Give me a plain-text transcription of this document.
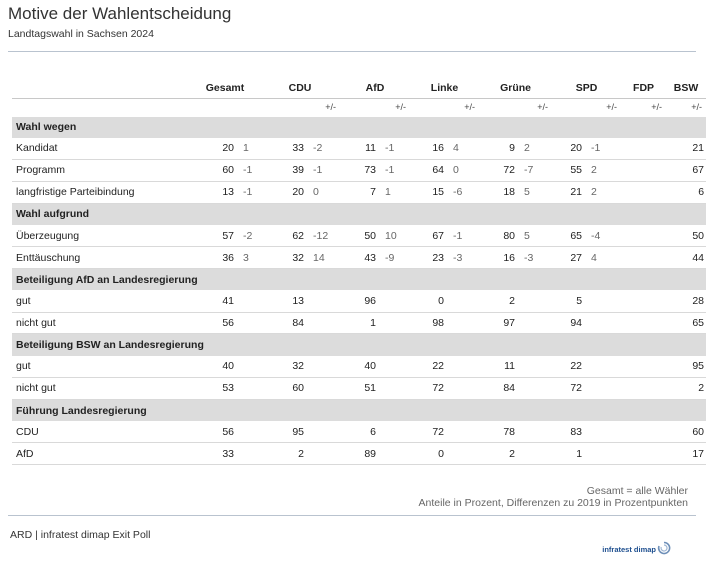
Motive der Wahlentscheidung
Landtagswahl in Sachsen 2024
	Gesamt		CDU		AfD		Linke		Grüne		SPD		FDP		BSW	
			+/-		+/-		+/-		+/-		+/-		+/-		+/-	
Wahl wegen																
Kandidat	20	1	33	-2	11	-1	16	4	9	2	20	-1			21	
Programm	60	-1	39	-1	73	-1	64	0	72	-7	55	2			67	
langfristige Parteibindung	13	-1	20	0	7	1	15	-6	18	5	21	2			6	
Wahl aufgrund																
Überzeugung	57	-2	62	-12	50	10	67	-1	80	5	65	-4			50	
Enttäuschung	36	3	32	14	43	-9	23	-3	16	-3	27	4			44	
Beteiligung AfD an Landesregierung																
gut	41		13		96		0		2		5				28	
nicht gut	56		84		1		98		97		94				65	
Beteiligung BSW an Landesregierung																
gut	40		32		40		22		11		22				95	
nicht gut	53		60		51		72		84		72				2	
Führung Landesregierung																
CDU	56		95		6		72		78		83				60	
AfD	33		2		89		0		2		1				17	
Gesamt = alle Wähler
Anteile in Prozent, Differenzen zu 2019 in Prozentpunkten
ARD | infratest dimap Exit Poll
infratest dimap
